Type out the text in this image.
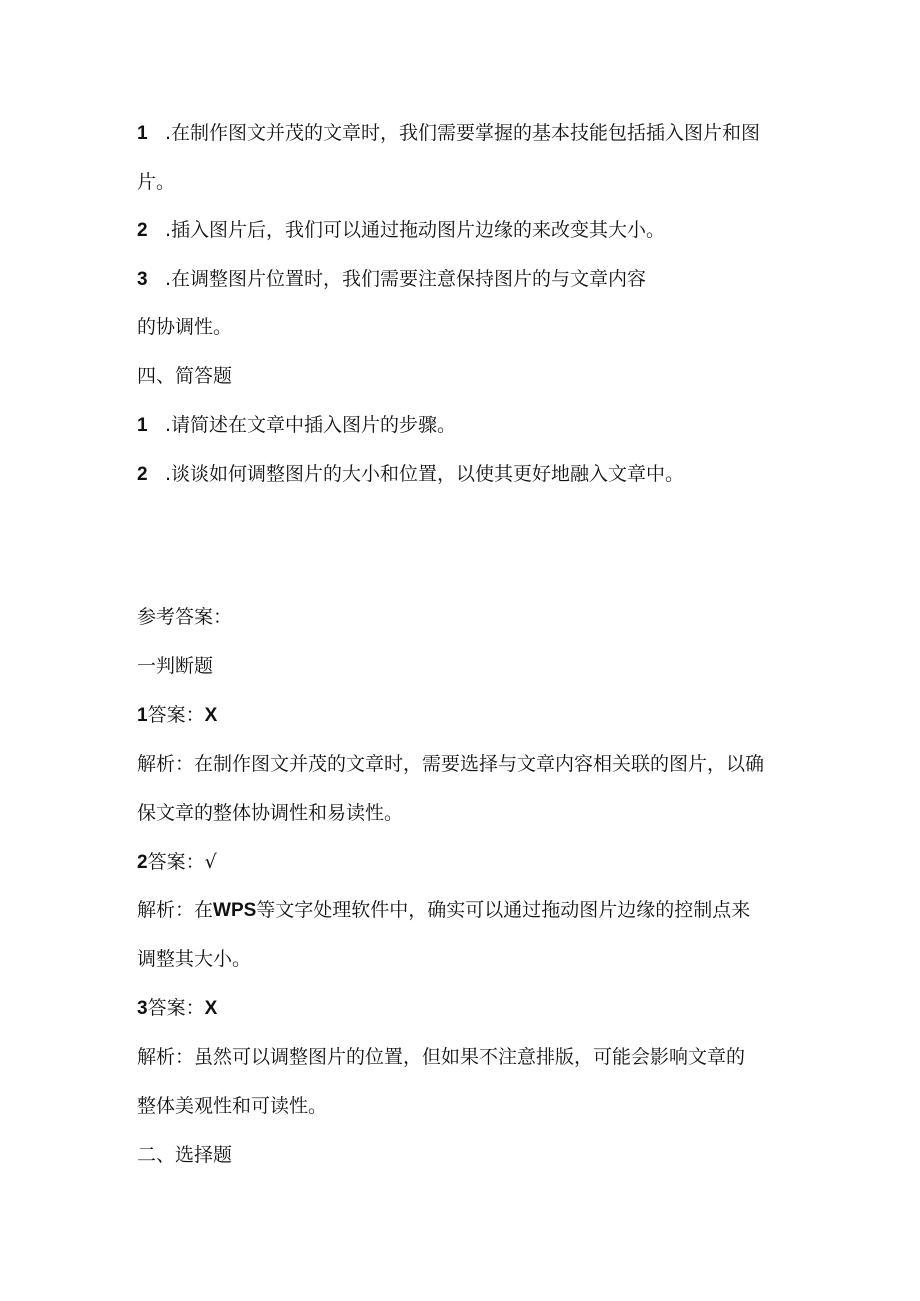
1 .在制作图文并茂的文章时，我们需要掌握的基本技能包括插入图片和图
片。
2 .插入图片后，我们可以通过拖动图片边缘的来改变其大小。
3 .在调整图片位置时，我们需要注意保持图片的与文章内容
的协调性。
四、简答题
1 .请简述在文章中插入图片的步骤。
2 .谈谈如何调整图片的大小和位置，以使其更好地融入文章中。
参考答案：
一判断题
1答案：X
解析：在制作图文并茂的文章时，需要选择与文章内容相关联的图片，以确
保文章的整体协调性和易读性。
2答案：√
解析：在WPS等文字处理软件中，确实可以通过拖动图片边缘的控制点来
调整其大小。
3答案：X
解析：虽然可以调整图片的位置，但如果不注意排版，可能会影响文章的
整体美观性和可读性。
二、选择题
